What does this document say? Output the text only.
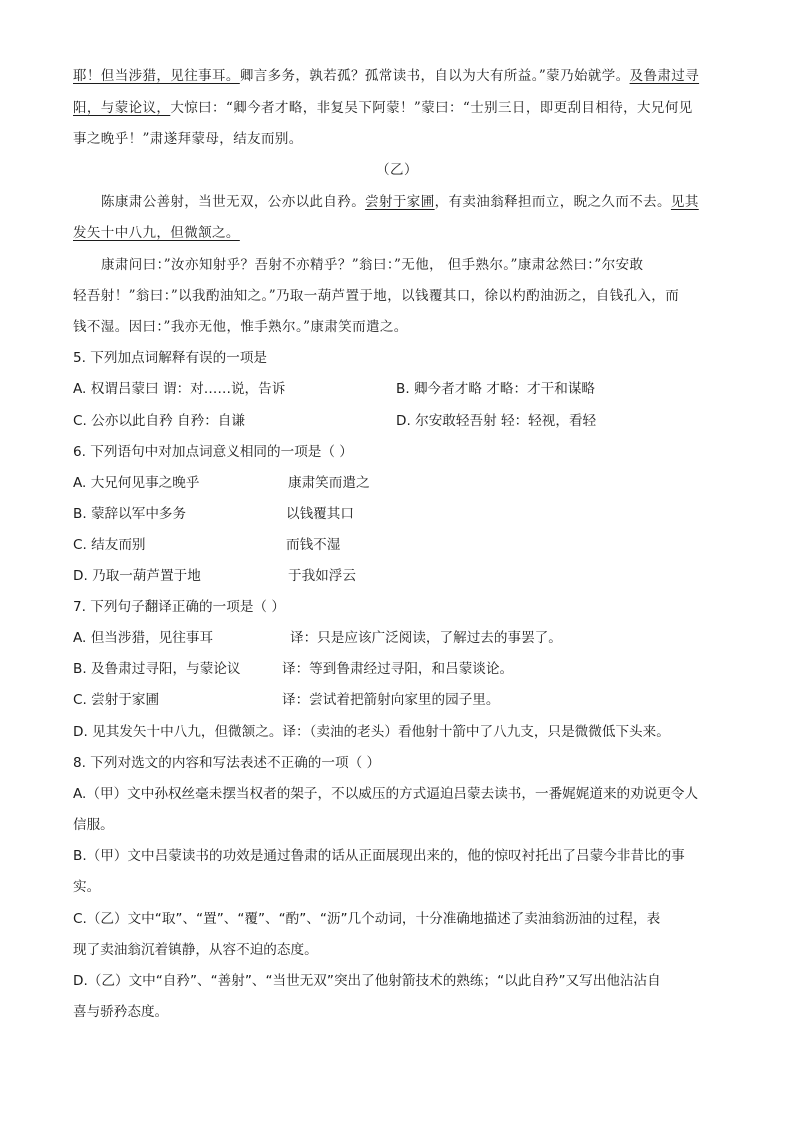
耶！但当涉猎，见往事耳。卿言多务，孰若孤？孤常读书，自以为大有所益。”蒙乃始就学。及鲁肃过寻
阳，与蒙论议，大惊曰：“卿今者才略，非复吴下阿蒙！”蒙曰：“士别三日，即更刮目相待，大兄何见
事之晚乎！”肃遂拜蒙母，结友而别。
（乙）
陈康肃公善射，当世无双，公亦以此自矜。尝射于家圃，有卖油翁释担而立，睨之久而不去。见其
发矢十中八九，但微颔之。
康肃问曰：”汝亦知射乎？吾射不亦精乎？”翁曰：”无他， 但手熟尔。”康肃忿然曰：”尔安敢
轻吾射！”翁曰：”以我酌油知之。”乃取一葫芦置于地，以钱覆其口，徐以杓酌油沥之，自钱孔入，而
钱不湿。因曰：”我亦无他，惟手熟尔。”康肃笑而遣之。
5. 下列加点词解释有误的一项是
A. 权谓吕蒙曰 谓：对……说，告诉	B. 卿今者才略 才略：才干和谋略
C. 公亦以此自矜 自矜：自谦	D. 尔安敢轻吾射 轻：轻视，看轻
6. 下列语句中对加点词意义相同的一项是（ ）
A. 大兄何见事之晚乎	康肃笑而遣之
B. 蒙辞以军中多务	以钱覆其口
C. 结友而别	而钱不湿
D. 乃取一葫芦置于地	于我如浮云
7. 下列句子翻译正确的一项是（ ）
A. 但当涉猎，见往事耳	译：只是应该广泛阅读，了解过去的事罢了。
B. 及鲁肃过寻阳，与蒙论议	译：等到鲁肃经过寻阳，和吕蒙谈论。
C. 尝射于家圃	译：尝试着把箭射向家里的园子里。
D. 见其发矢十中八九，但微颔之。译：（卖油的老头）看他射十箭中了八九支，只是微微低下头来。
8. 下列对选文的内容和写法表述不正确的一项（ ）
A.（甲）文中孙权丝毫未摆当权者的架子，不以威压的方式逼迫吕蒙去读书，一番娓娓道来的劝说更令人
信服。
B.（甲）文中吕蒙读书的功效是通过鲁肃的话从正面展现出来的，他的惊叹衬托出了吕蒙今非昔比的事
实。
C.（乙）文中“取”、“置”、“覆”、“酌”、“沥”几个动词，十分准确地描述了卖油翁沥油的过程，表
现了卖油翁沉着镇静，从容不迫的态度。
D.（乙）文中“自矜”、“善射”、“当世无双”突出了他射箭技术的熟练；“以此自矜”又写出他沾沾自
喜与骄矜态度。
